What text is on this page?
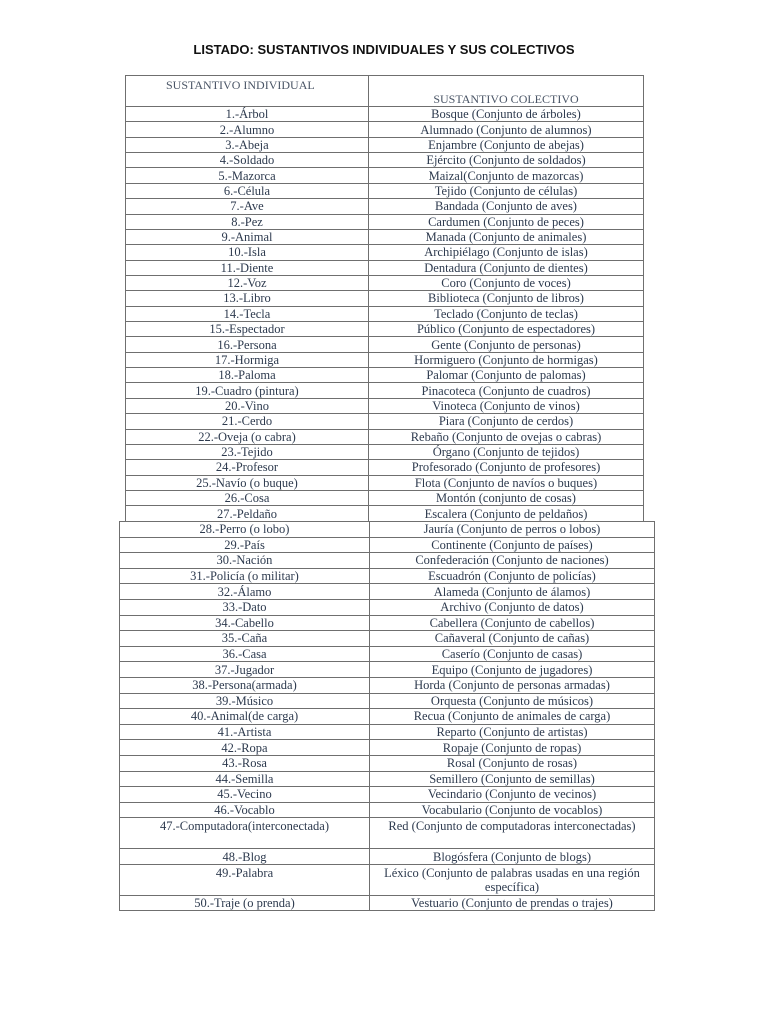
LISTADO: SUSTANTIVOS INDIVIDUALES Y SUS COLECTIVOS
SUSTANTIVO INDIVIDUAL	SUSTANTIVO COLECTIVO
1.-Árbol	Bosque (Conjunto de árboles)
2.-Alumno	Alumnado (Conjunto de alumnos)
3.-Abeja	Enjambre (Conjunto de abejas)
4.-Soldado	Ejército (Conjunto de soldados)
5.-Mazorca	Maizal(Conjunto de mazorcas)
6.-Célula	Tejido (Conjunto de células)
7.-Ave	Bandada (Conjunto de aves)
8.-Pez	Cardumen (Conjunto de peces)
9.-Animal	Manada (Conjunto de animales)
10.-Isla	Archipiélago (Conjunto de islas)
11.-Diente	Dentadura (Conjunto de dientes)
12.-Voz	Coro (Conjunto de voces)
13.-Libro	Biblioteca (Conjunto de libros)
14.-Tecla	Teclado (Conjunto de teclas)
15.-Espectador	Público (Conjunto de espectadores)
16.-Persona	Gente (Conjunto de personas)
17.-Hormiga	Hormiguero (Conjunto de hormigas)
18.-Paloma	Palomar (Conjunto de palomas)
19.-Cuadro (pintura)	Pinacoteca (Conjunto de cuadros)
20.-Vino	Vinoteca (Conjunto de vinos)
21.-Cerdo	Piara (Conjunto de cerdos)
22.-Oveja (o cabra)	Rebaño (Conjunto de ovejas o cabras)
23.-Tejido	Órgano (Conjunto de tejidos)
24.-Profesor	Profesorado (Conjunto de profesores)
25.-Navío (o buque)	Flota (Conjunto de navíos o buques)
26.-Cosa	Montón (conjunto de cosas)
27.-Peldaño	Escalera (Conjunto de peldaños)
28.-Perro (o lobo)	Jauría (Conjunto de perros o lobos)
29.-País	Continente (Conjunto de países)
30.-Nación	Confederación (Conjunto de naciones)
31.-Policía (o militar)	Escuadrón (Conjunto de policías)
32.-Álamo	Alameda (Conjunto de álamos)
33.-Dato	Archivo (Conjunto de datos)
34.-Cabello	Cabellera (Conjunto de cabellos)
35.-Caña	Cañaveral (Conjunto de cañas)
36.-Casa	Caserío (Conjunto de casas)
37.-Jugador	Equipo (Conjunto de jugadores)
38.-Persona(armada)	Horda (Conjunto de personas armadas)
39.-Músico	Orquesta (Conjunto de músicos)
40.-Animal(de carga)	Recua (Conjunto de animales de carga)
41.-Artista	Reparto (Conjunto de artistas)
42.-Ropa	Ropaje (Conjunto de ropas)
43.-Rosa	Rosal (Conjunto de rosas)
44.-Semilla	Semillero (Conjunto de semillas)
45.-Vecino	Vecindario (Conjunto de vecinos)
46.-Vocablo	Vocabulario (Conjunto de vocablos)
47.-Computadora(interconectada)	Red (Conjunto de computadoras interconectadas)
48.-Blog	Blogósfera (Conjunto de blogs)
49.-Palabra	Léxico (Conjunto de palabras usadas en una región específica)
50.-Traje (o prenda)	Vestuario (Conjunto de prendas o trajes)
